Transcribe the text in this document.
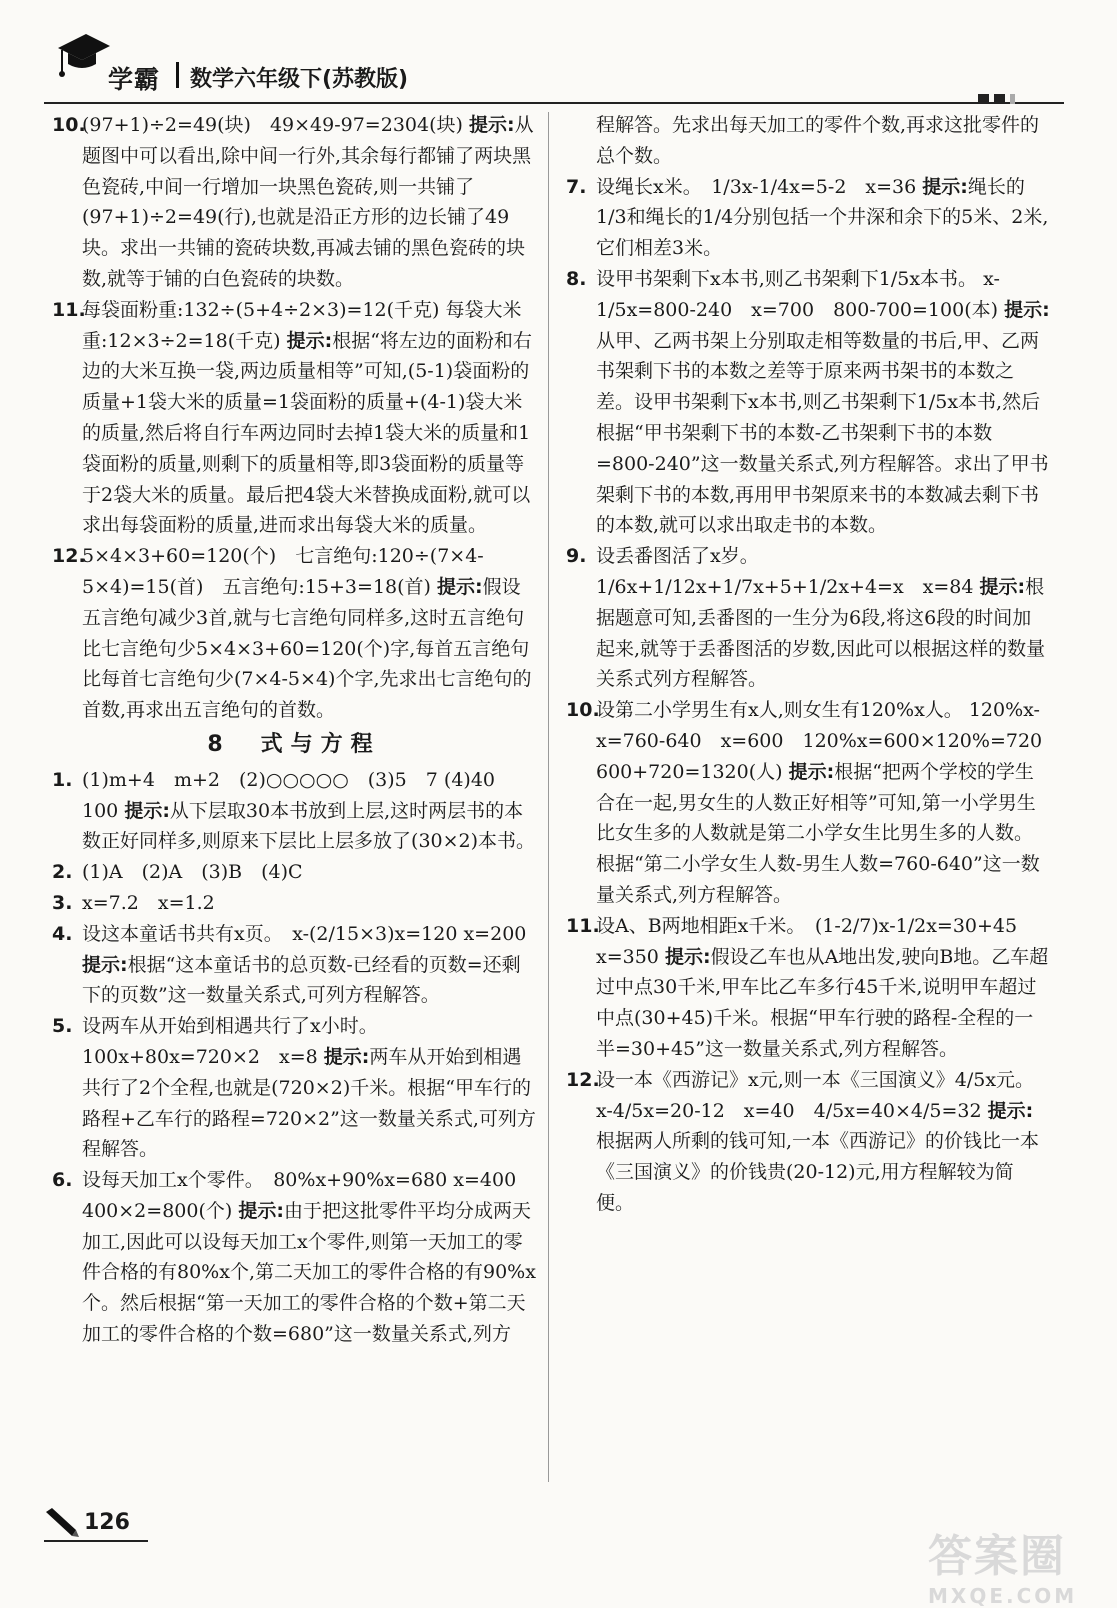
学霸 数学六年级下(苏教版)
10.

(97+1)÷2=49(块)　49×49-97=2304(块) 提示:从题图中可以看出,除中间一行外,其余每行都铺了两块黑色瓷砖,中间一行增加一块黑色瓷砖,则一共铺了(97+1)÷2=49(行),也就是沿正方形的边长铺了49块。求出一共铺的瓷砖块数,再减去铺的黑色瓷砖的块数,就等于铺的白色瓷砖的块数。

11.

每袋面粉重:132÷(5+4÷2×3)=12(千克) 每袋大米重:12×3÷2=18(千克) 提示:根据“将左边的面粉和右边的大米互换一袋,两边质量相等”可知,(5-1)袋面粉的质量+1袋大米的质量=1袋面粉的质量+(4-1)袋大米的质量,然后将自行车两边同时去掉1袋大米的质量和1袋面粉的质量,则剩下的质量相等,即3袋面粉的质量等于2袋大米的质量。最后把4袋大米替换成面粉,就可以求出每袋面粉的质量,进而求出每袋大米的质量。

12.

5×4×3+60=120(个)　七言绝句:120÷(7×4-5×4)=15(首)　五言绝句:15+3=18(首) 提示:假设五言绝句减少3首,就与七言绝句同样多,这时五言绝句比七言绝句少5×4×3+60=120(个)字,每首五言绝句比每首七言绝句少(7×4-5×4)个字,先求出七言绝句的首数,再求出五言绝句的首数。

8　式与方程
1. (1)m+4　m+2　(2)○○○○○　(3)5　7 (4)40　100 提示:从下层取30本书放到上层,这时两层书的本数正好同样多,则原来下层比上层多放了(30×2)本书。

2. (1)A　(2)A　(3)B　(4)C

3. x=7.2　x=1.2

4. 设这本童话书共有x页。　x-(2/15×3)x=120 x=200 提示:根据“这本童话书的总页数-已经看的页数=还剩下的页数”这一数量关系式,可列方程解答。

5. 设两车从开始到相遇共行了x小时。　100x+80x=720×2　x=8 提示:两车从开始到相遇共行了2个全程,也就是(720×2)千米。根据“甲车行的路程+乙车行的路程=720×2”这一数量关系式,可列方程解答。

6. 设每天加工x个零件。　80%x+90%x=680 x=400　400×2=800(个) 提示:由于把这批零件平均分成两天加工,因此可以设每天加工x个零件,则第一天加工的零件合格的有80%x个,第二天加工的零件合格的有90%x个。然后根据“第一天加工的零件合格的个数+第二天加工的零件合格的个数=680”这一数量关系式,列方

程解答。先求出每天加工的零件个数,再求这批零件的总个数。

7. 设绳长x米。　1/3x-1/4x=5-2　x=36 提示:绳长的1/3和绳长的1/4分别包括一个井深和余下的5米、2米,它们相差3米。

8. 设甲书架剩下x本书,则乙书架剩下1/5x本书。 x-1/5x=800-240　x=700　800-700=100(本) 提示:从甲、乙两书架上分别取走相等数量的书后,甲、乙两书架剩下书的本数之差等于原来两书架书的本数之差。设甲书架剩下x本书,则乙书架剩下1/5x本书,然后根据“甲书架剩下书的本数-乙书架剩下书的本数=800-240”这一数量关系式,列方程解答。求出了甲书架剩下书的本数,再用甲书架原来书的本数减去剩下书的本数,就可以求出取走书的本数。

9. 设丢番图活了x岁。　1/6x+1/12x+1/7x+5+1/2x+4=x　x=84 提示:根据题意可知,丢番图的一生分为6段,将这6段的时间加起来,就等于丢番图活的岁数,因此可以根据这样的数量关系式列方程解答。

10.

设第二小学男生有x人,则女生有120%x人。 120%x-x=760-640　x=600　120%x=600×120%=720　600+720=1320(人) 提示:根据“把两个学校的学生合在一起,男女生的人数正好相等”可知,第一小学男生比女生多的人数就是第二小学女生比男生多的人数。根据“第二小学女生人数-男生人数=760-640”这一数量关系式,列方程解答。

11.

设A、B两地相距x千米。　(1-2/7)x-1/2x=30+45　x=350 提示:假设乙车也从A地出发,驶向B地。乙车超过中点30千米,甲车比乙车多行45千米,说明甲车超过中点(30+45)千米。根据“甲车行驶的路程-全程的一半=30+45”这一数量关系式,列方程解答。

12.

设一本《西游记》x元,则一本《三国演义》4/5x元。x-4/5x=20-12　x=40　4/5x=40×4/5=32 提示:根据两人所剩的钱可知,一本《西游记》的价钱比一本《三国演义》的价钱贵(20-12)元,用方程解较为简便。

126
答案圈
MXQE.COM
